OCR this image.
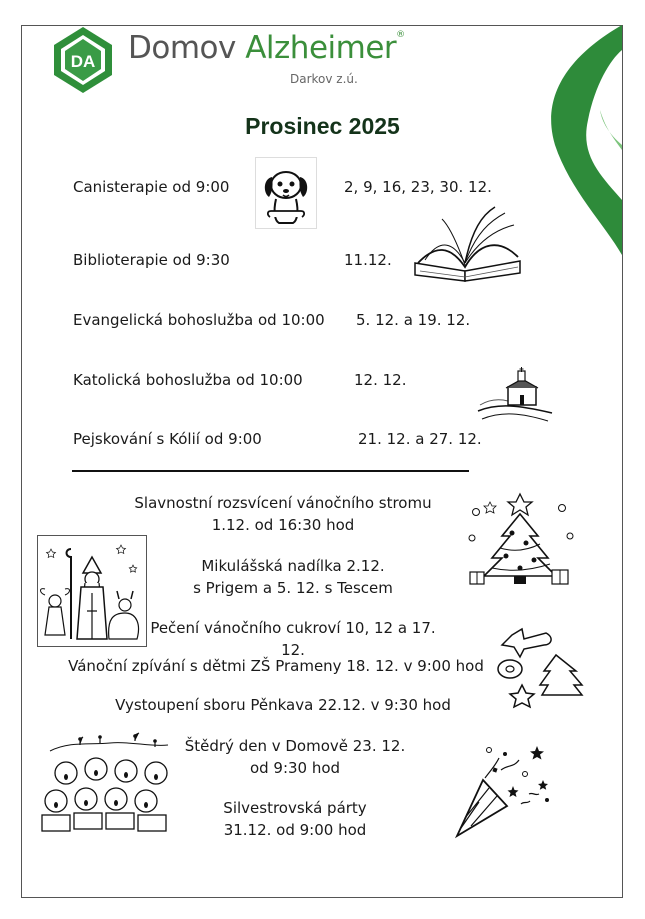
DA Domov Alzheimer®
Darkov z.ú.
Prosinec 2025
Canisterapie od 9:00	2, 9, 16, 23, 30. 12.
Biblioterapie od 9:30	11.12.
Evangelická bohoslužba od 10:00 5. 12. a 19. 12.
Katolická bohoslužba od 10:00	12. 12.
Pejskování s Kólií od 9:00	21. 12. a 27. 12.
Slavnostní rozsvícení vánočního stromu
1.12. od 16:30 hod
Mikulášská nadílka 2.12.
s Prigem a 5. 12. s Tescem
Pečení vánočního cukroví 10, 12 a 17. 12.
Vánoční zpívání s dětmi ZŠ Prameny 18. 12. v 9:00 hod
Vystoupení sboru Pěnkava 22.12. v 9:30 hod
Štědrý den v Domově 23. 12.
od 9:30 hod
Silvestrovská párty
31.12. od 9:00 hod
